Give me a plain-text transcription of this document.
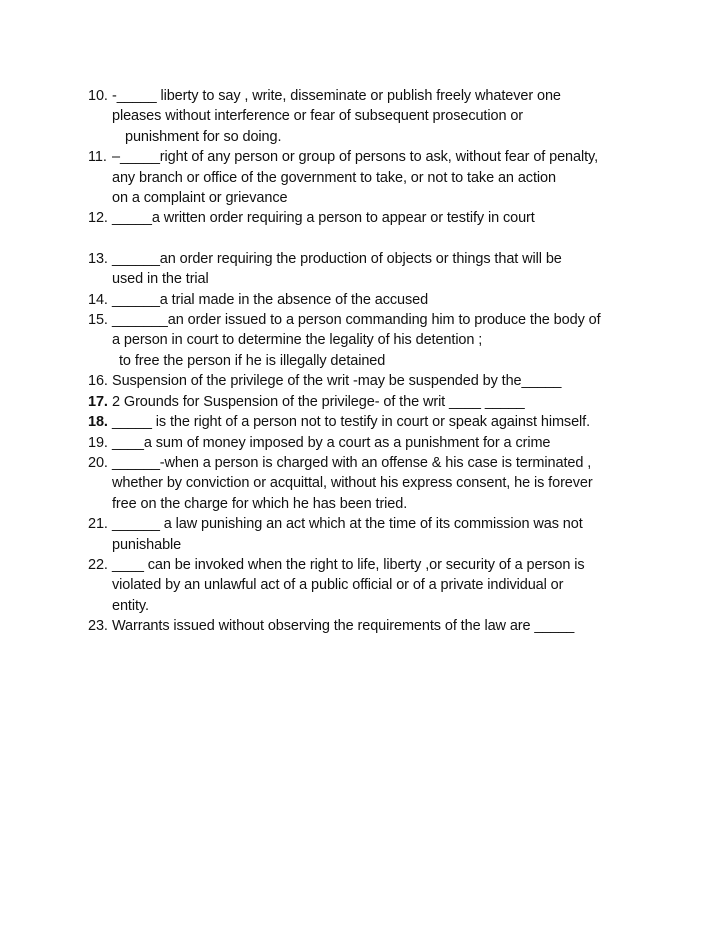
10. -_____ liberty to say , write, disseminate or publish freely whatever one
pleases without interference or fear of subsequent prosecution or
punishment for so doing.
11. –_____right of any person or group of persons to ask, without fear of penalty,
any branch or office of the government to take, or not to take an action
on a complaint or grievance
12. _____a written order requiring a person to appear or testify in court
13. ______an order requiring the production of objects or things that will be
used in the trial
14. ______a trial made in the absence of the accused
15. _______an order issued to a person commanding him to produce the body of
a person in court to determine the legality of his detention ;
to free the person if he is illegally detained
16. Suspension of the privilege of the writ -may be suspended by the_____
17. 2 Grounds for Suspension of the privilege- of the writ ____ _____
18. _____ is the right of a person not to testify in court or speak against himself.
19. ____a sum of money imposed by a court as a punishment for a crime
20. ______-when a person is charged with an offense & his case is terminated ,
whether by conviction or acquittal, without his express consent, he is forever
free on the charge for which he has been tried.
21. ______ a law punishing an act which at the time of its commission was not
punishable
22. ____ can be invoked when the right to life, liberty ,or security of a person is
violated by an unlawful act of a public official or of a private individual or
entity.
23. Warrants issued without observing the requirements of the law are _____
